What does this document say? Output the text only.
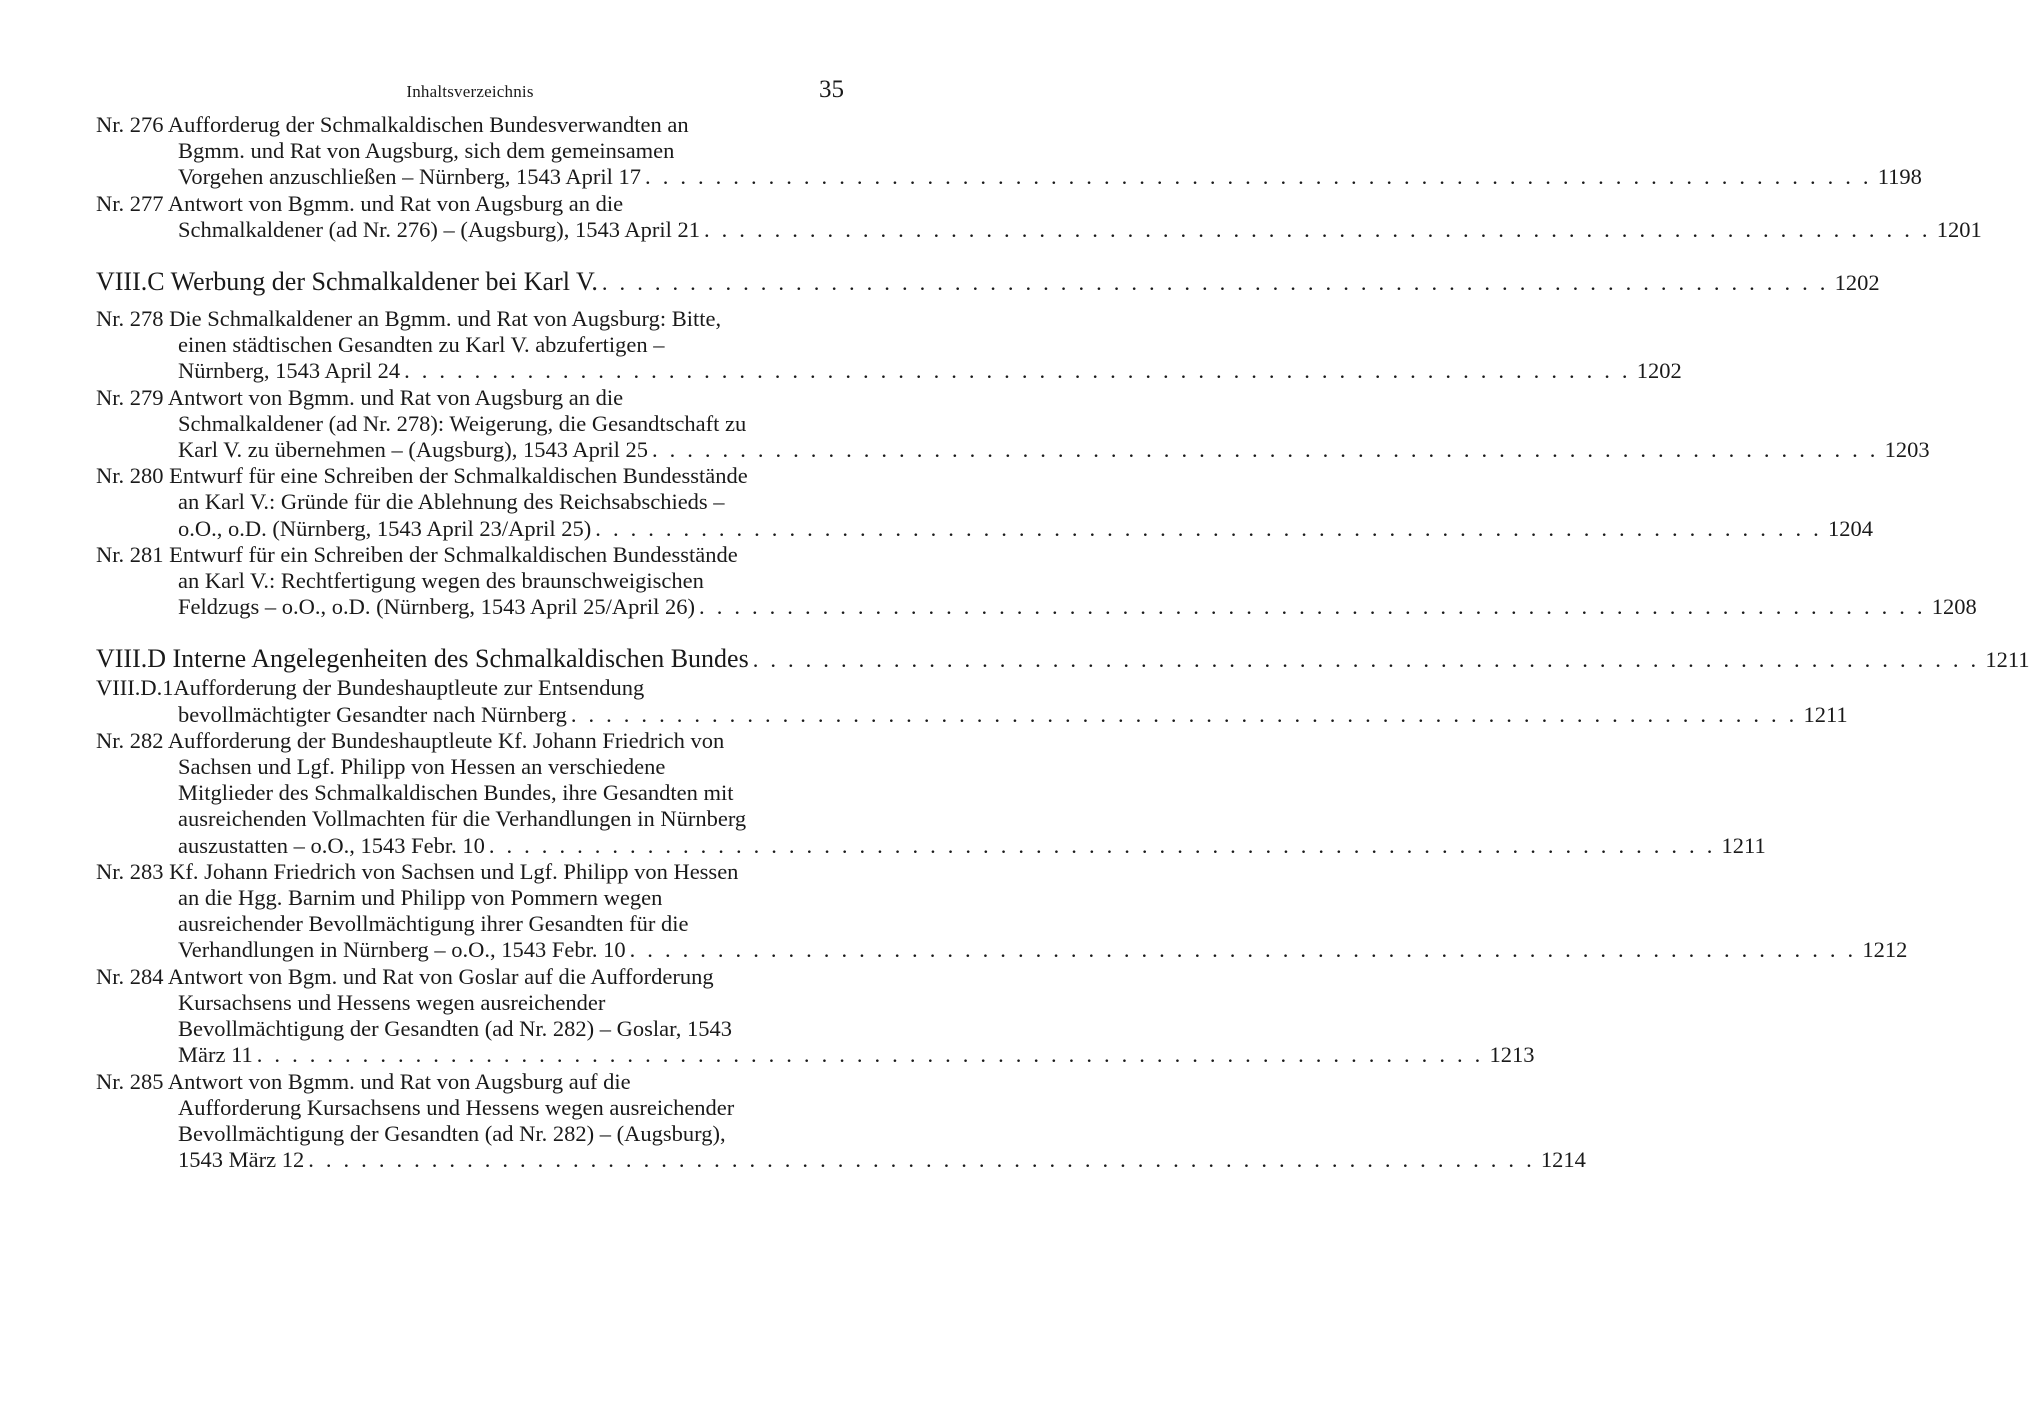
Inhaltsverzeichnis	35
Nr. 276 Aufforderug der Schmalkaldischen Bundesverwandten an
Bgmm. und Rat von Augsburg, sich dem gemeinsamen
Vorgehen anzuschließen – Nürnberg, 1543 April 17 . . . . . . . . . . . . . . . . . . . . . . . . . . . . . . . . . . . . . . . . . . . . . . . . . . . . . . . . . . . . . . . . . . . . . . 1198
Nr. 277 Antwort von Bgmm. und Rat von Augsburg an die
Schmalkaldener (ad Nr. 276) – (Augsburg), 1543 April 21 . . . . . . . . . . . . . . . . . . . . . . . . . . . . . . . . . . . . . . . . . . . . . . . . . . . . . . . . . . . . . . . . . . . . . . 1201
VIII.C Werbung der Schmalkaldener bei Karl V. . . . . . . . . . . . . . . . . . . . . . . . . . . . . . . . . . . . . . . . . . . . . . . . . . . . . . . . . . . . . . . . . . . . . . . 1202
Nr. 278 Die Schmalkaldener an Bgmm. und Rat von Augsburg: Bitte,
einen städtischen Gesandten zu Karl V. abzufertigen –
Nürnberg, 1543 April 24 . . . . . . . . . . . . . . . . . . . . . . . . . . . . . . . . . . . . . . . . . . . . . . . . . . . . . . . . . . . . . . . . . . . . . . 1202
Nr. 279 Antwort von Bgmm. und Rat von Augsburg an die
Schmalkaldener (ad Nr. 278): Weigerung, die Gesandtschaft zu
Karl V. zu übernehmen – (Augsburg), 1543 April 25 . . . . . . . . . . . . . . . . . . . . . . . . . . . . . . . . . . . . . . . . . . . . . . . . . . . . . . . . . . . . . . . . . . . . . . 1203
Nr. 280 Entwurf für eine Schreiben der Schmalkaldischen Bundesstände
an Karl V.: Gründe für die Ablehnung des Reichsabschieds –
o.O., o.D. (Nürnberg, 1543 April 23/April 25) . . . . . . . . . . . . . . . . . . . . . . . . . . . . . . . . . . . . . . . . . . . . . . . . . . . . . . . . . . . . . . . . . . . . . . 1204
Nr. 281 Entwurf für ein Schreiben der Schmalkaldischen Bundesstände
an Karl V.: Rechtfertigung wegen des braunschweigischen
Feldzugs – o.O., o.D. (Nürnberg, 1543 April 25/April 26) . . . . . . . . . . . . . . . . . . . . . . . . . . . . . . . . . . . . . . . . . . . . . . . . . . . . . . . . . . . . . . . . . . . . . . 1208
VIII.D Interne Angelegenheiten des Schmalkaldischen Bundes . . . . . . . . . . . . . . . . . . . . . . . . . . . . . . . . . . . . . . . . . . . . . . . . . . . . . . . . . . . . . . . . . . . . . . 1211
VIII.D.1Aufforderung der Bundeshauptleute zur Entsendung
bevollmächtigter Gesandter nach Nürnberg . . . . . . . . . . . . . . . . . . . . . . . . . . . . . . . . . . . . . . . . . . . . . . . . . . . . . . . . . . . . . . . . . . . . . . 1211
Nr. 282 Aufforderung der Bundeshauptleute Kf. Johann Friedrich von
Sachsen und Lgf. Philipp von Hessen an verschiedene
Mitglieder des Schmalkaldischen Bundes, ihre Gesandten mit
ausreichenden Vollmachten für die Verhandlungen in Nürnberg
auszustatten – o.O., 1543 Febr. 10 . . . . . . . . . . . . . . . . . . . . . . . . . . . . . . . . . . . . . . . . . . . . . . . . . . . . . . . . . . . . . . . . . . . . . . 1211
Nr. 283 Kf. Johann Friedrich von Sachsen und Lgf. Philipp von Hessen
an die Hgg. Barnim und Philipp von Pommern wegen
ausreichender Bevollmächtigung ihrer Gesandten für die
Verhandlungen in Nürnberg – o.O., 1543 Febr. 10 . . . . . . . . . . . . . . . . . . . . . . . . . . . . . . . . . . . . . . . . . . . . . . . . . . . . . . . . . . . . . . . . . . . . . . 1212
Nr. 284 Antwort von Bgm. und Rat von Goslar auf die Aufforderung
Kursachsens und Hessens wegen ausreichender
Bevollmächtigung der Gesandten (ad Nr. 282) – Goslar, 1543
März 11 . . . . . . . . . . . . . . . . . . . . . . . . . . . . . . . . . . . . . . . . . . . . . . . . . . . . . . . . . . . . . . . . . . . . . . 1213
Nr. 285 Antwort von Bgmm. und Rat von Augsburg auf die
Aufforderung Kursachsens und Hessens wegen ausreichender
Bevollmächtigung der Gesandten (ad Nr. 282) – (Augsburg),
1543 März 12 . . . . . . . . . . . . . . . . . . . . . . . . . . . . . . . . . . . . . . . . . . . . . . . . . . . . . . . . . . . . . . . . . . . . . . 1214
